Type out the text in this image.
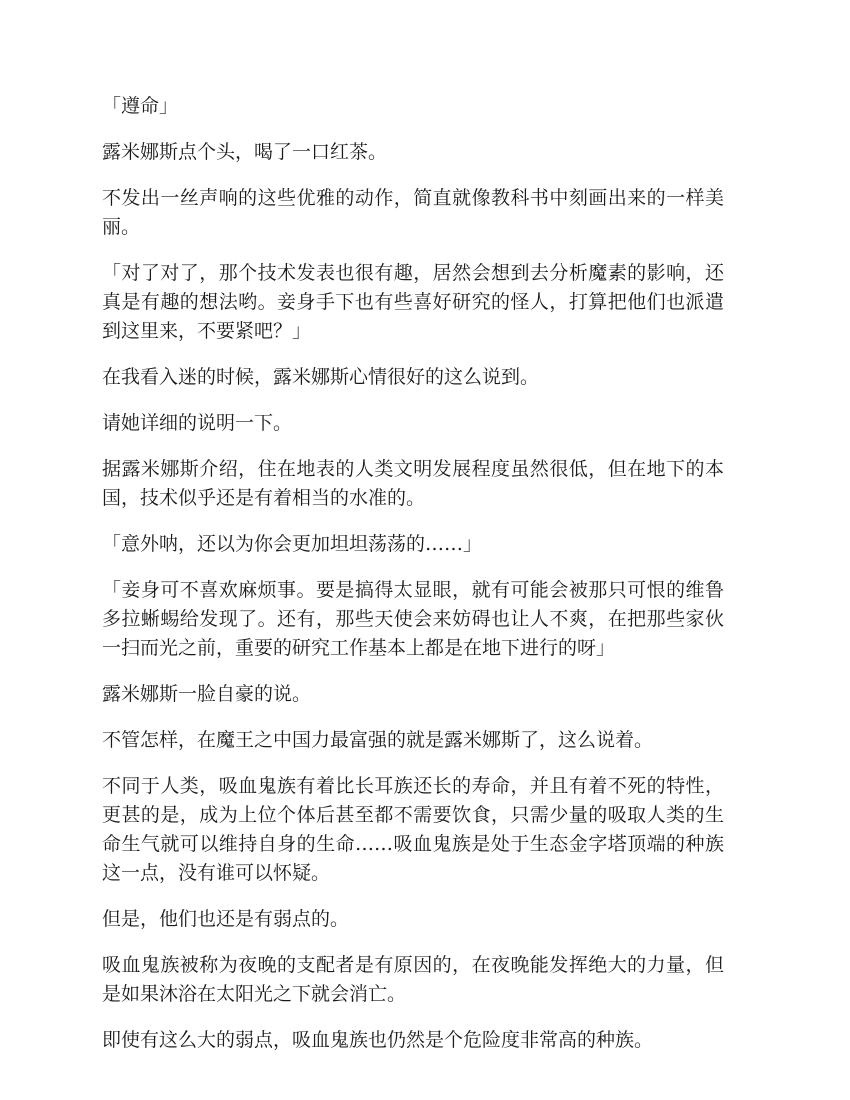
「遵命」

露米娜斯点个头，喝了一口红茶。

不发出一丝声响的这些优雅的动作，简直就像教科书中刻画出来的一样美丽。

「对了对了，那个技术发表也很有趣，居然会想到去分析魔素的影响，还真是有趣的想法哟。妾身手下也有些喜好研究的怪人，打算把他们也派遣到这里来，不要紧吧？」

在我看入迷的时候，露米娜斯心情很好的这么说到。

请她详细的说明一下。

据露米娜斯介绍，住在地表的人类文明发展程度虽然很低，但在地下的本国，技术似乎还是有着相当的水准的。

「意外呐，还以为你会更加坦坦荡荡的……」

「妾身可不喜欢麻烦事。要是搞得太显眼，就有可能会被那只可恨的维鲁多拉蜥蜴给发现了。还有，那些天使会来妨碍也让人不爽，在把那些家伙一扫而光之前，重要的研究工作基本上都是在地下进行的呀」

露米娜斯一脸自豪的说。

不管怎样，在魔王之中国力最富强的就是露米娜斯了，这么说着。

不同于人类，吸血鬼族有着比长耳族还长的寿命，并且有着不死的特性，更甚的是，成为上位个体后甚至都不需要饮食，只需少量的吸取人类的生命生气就可以维持自身的生命……吸血鬼族是处于生态金字塔顶端的种族这一点，没有谁可以怀疑。

但是，他们也还是有弱点的。

吸血鬼族被称为夜晚的支配者是有原因的，在夜晚能发挥绝大的力量，但是如果沐浴在太阳光之下就会消亡。

即使有这么大的弱点，吸血鬼族也仍然是个危险度非常高的种族。
